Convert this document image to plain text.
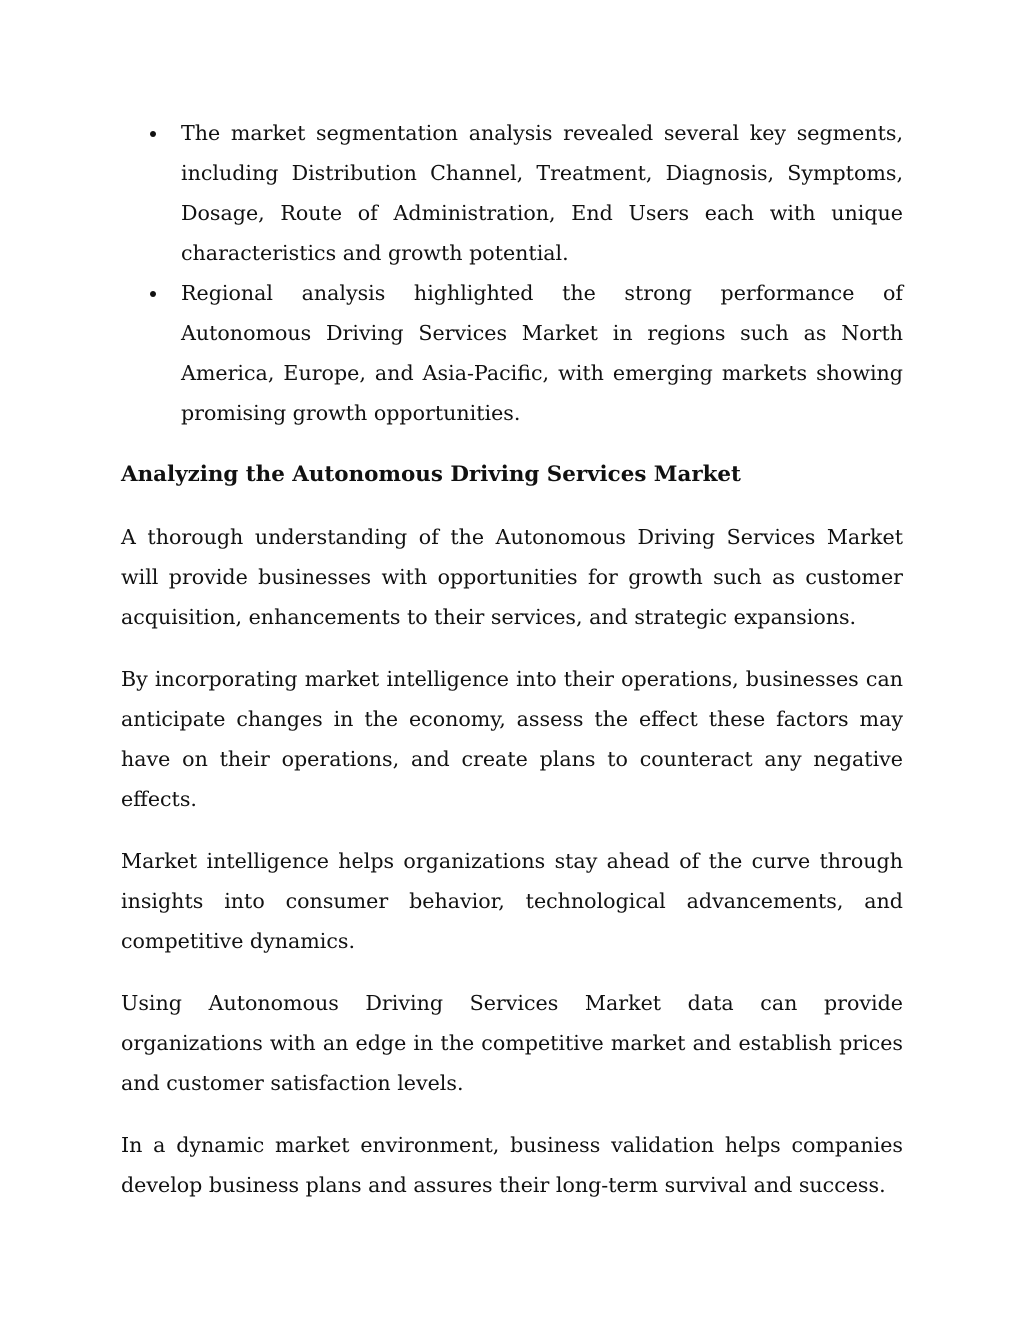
The market segmentation analysis revealed several key segments, including Distribution Channel, Treatment, Diagnosis, Symptoms, Dosage, Route of Administration, End Users each with unique characteristics and growth potential.
Regional analysis highlighted the strong performance of Autonomous Driving Services Market in regions such as North America, Europe, and Asia-Pacific, with emerging markets showing promising growth opportunities.
Analyzing the Autonomous Driving Services Market

A thorough understanding of the Autonomous Driving Services Market will provide businesses with opportunities for growth such as customer acquisition, enhancements to their services, and strategic expansions.

By incorporating market intelligence into their operations, businesses can anticipate changes in the economy, assess the effect these factors may have on their operations, and create plans to counteract any negative effects.

Market intelligence helps organizations stay ahead of the curve through insights into consumer behavior, technological advancements, and competitive dynamics.

Using Autonomous Driving Services Market data can provide organizations with an edge in the competitive market and establish prices and customer satisfaction levels.

In a dynamic market environment, business validation helps companies develop business plans and assures their long-term survival and success.
